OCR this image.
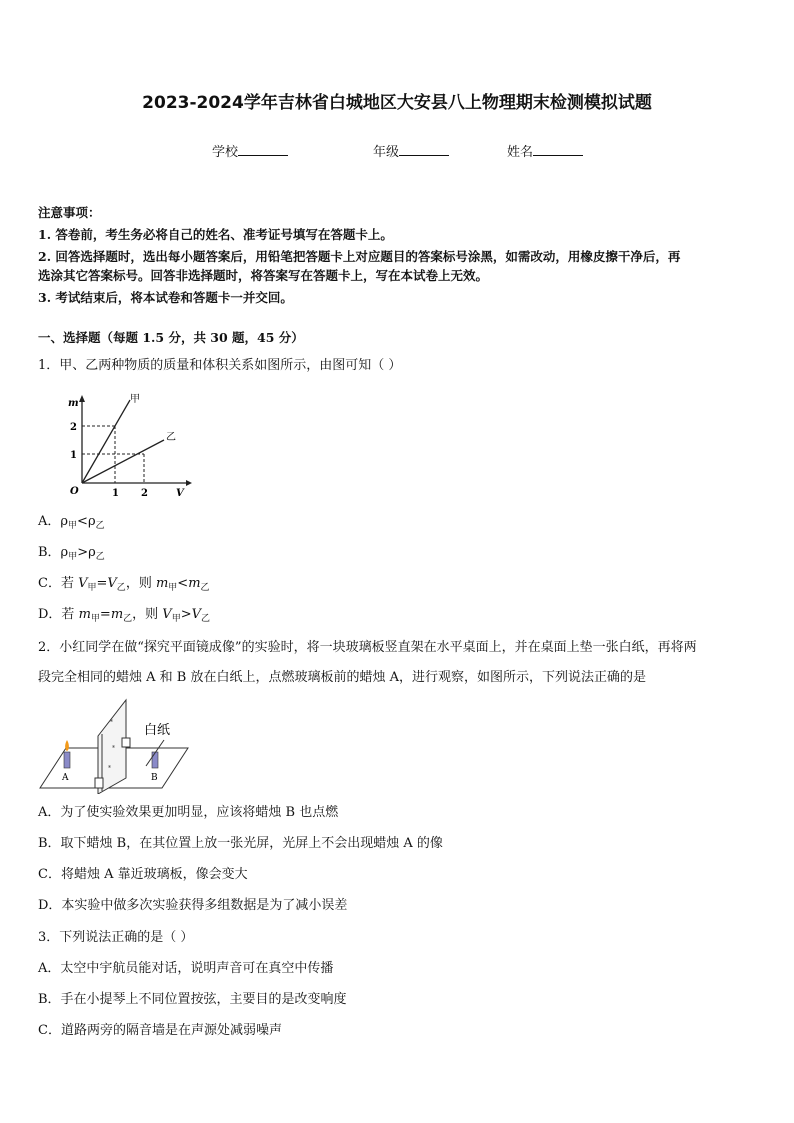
2023-2024学年吉林省白城地区大安县八上物理期末检测模拟试题
学校	年级	姓名
注意事项：
1. 答卷前，考生务必将自己的姓名、准考证号填写在答题卡上。
2. 回答选择题时，选出每小题答案后，用铅笔把答题卡上对应题目的答案标号涂黑，如需改动，用橡皮擦干净后，再
选涂其它答案标号。回答非选择题时，将答案写在答题卡上，写在本试卷上无效。
3. 考试结束后，将本试卷和答题卡一并交回。
一、选择题（每题 1.5 分，共 30 题，45 分）
1．甲、乙两种物质的质量和体积关系如图所示，由图可知（ ）
m
V
O
2
1
1 2
甲
乙
A．$\rho_甲<\rho_乙$
B．$\rho_甲>\rho_乙$
C．若 $V_甲=V_乙$，则 $m_甲<m_乙$
D．若 $m_甲=m_乙$，则 $V_甲>V_乙$
2．小红同学在做“探究平面镜成像”的实验时，将一块玻璃板竖直架在水平桌面上，并在桌面上垫一张白纸，再将两
段完全相同的蜡烛 A 和 B 放在白纸上，点燃玻璃板前的蜡烛 A，进行观察，如图所示，下列说法正确的是
*
*
*
白纸
A	B
A．为了使实验效果更加明显，应该将蜡烛 B 也点燃
B．取下蜡烛 B，在其位置上放一张光屏，光屏上不会出现蜡烛 A 的像
C．将蜡烛 A 靠近玻璃板，像会变大
D．本实验中做多次实验获得多组数据是为了减小误差
3．下列说法正确的是（ ）
A．太空中宇航员能对话，说明声音可在真空中传播
B．手在小提琴上不同位置按弦，主要目的是改变响度
C．道路两旁的隔音墙是在声源处减弱噪声
